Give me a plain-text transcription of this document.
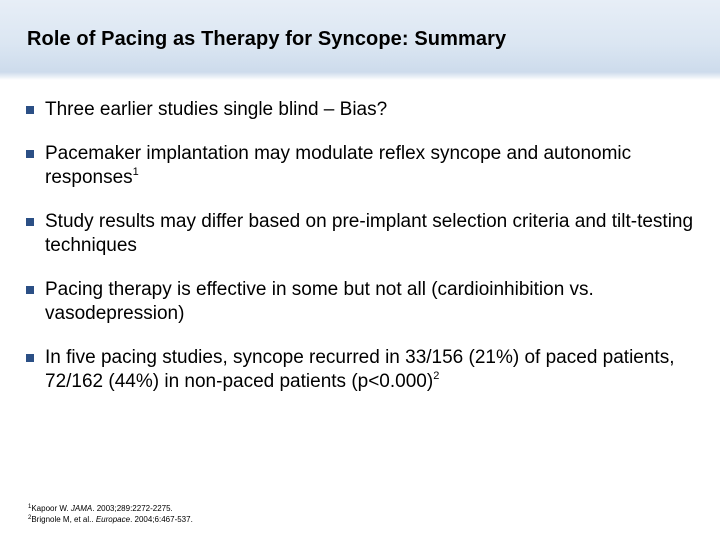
Role of Pacing as Therapy for Syncope: Summary
Three earlier studies single blind – Bias?
Pacemaker implantation may modulate reflex syncope and autonomic responses$^1$
Study results may differ based on pre-implant selection criteria and tilt-testing techniques
Pacing therapy is effective in some but not all (cardioinhibition vs. vasodepression)
In five pacing studies, syncope recurred in 33/156 (21%) of paced patients, 72/162 (44%) in non-paced patients (p<0.000)$^2$
$^1$Kapoor W. JAMA. 2003;289:2272-2275.
$^2$Brignole M, et al.. Europace. 2004;6:467-537.
